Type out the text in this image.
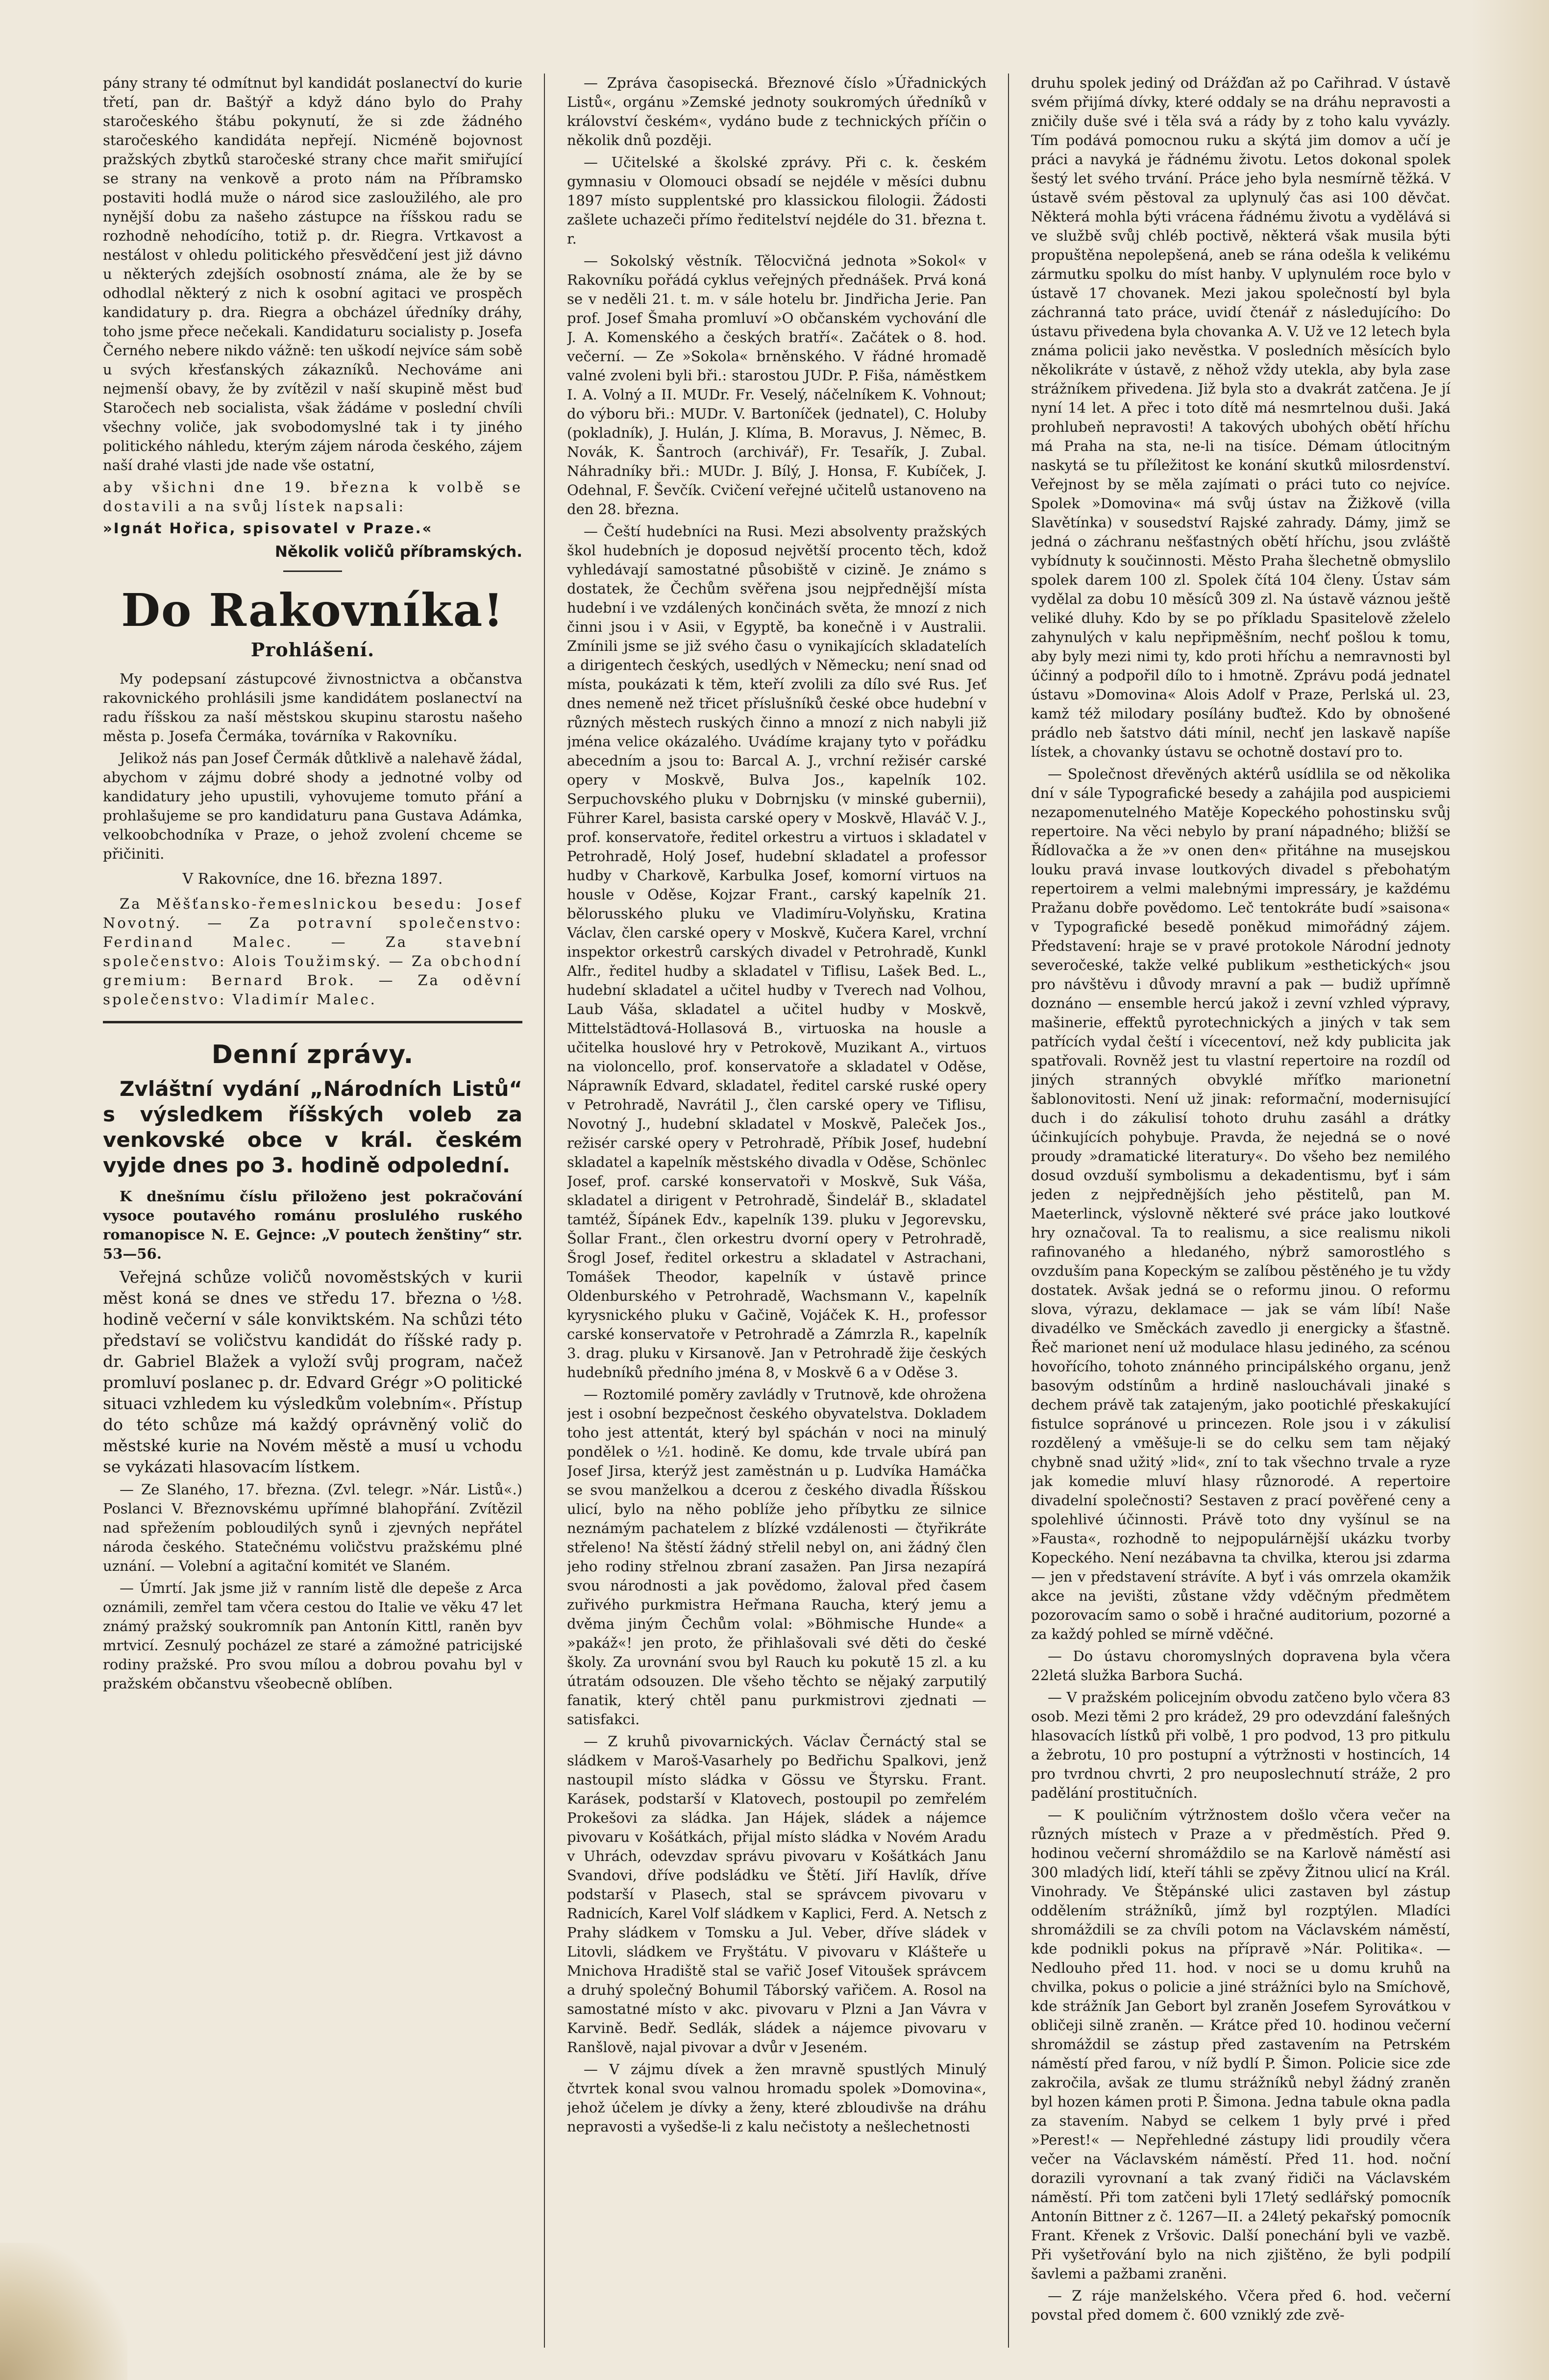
pány strany té odmítnut byl kandidát poslanectví do kurie třetí, pan dr. Baštýř a když dáno bylo do Prahy staročeského štábu pokynutí, že si zde žádného staročeského kandidáta nepřejí. Nicméně bojovnost pražských zbytků staročeské strany chce mařit smiřující se strany na venkově a proto nám na Příbramsko postaviti hodlá muže o národ sice zasloužilého, ale pro nynější dobu za našeho zástupce na říšskou radu se rozhodně nehodícího, totiž p. dr. Riegra. Vrtkavost a nestálost v ohledu politického přesvědčení jest již dávno u některých zdejších osobností známa, ale že by se odhodlal některý z nich k osobní agitaci ve prospěch kandidatury p. dra. Riegra a obcházel úředníky dráhy, toho jsme přece nečekali. Kandidaturu socialisty p. Josefa Černého nebere nikdo vážně: ten uškodí nejvíce sám sobě u svých křesťanských zákazníků. Nechováme ani nejmenší obavy, že by zvítězil v naší skupině měst buď Staročech neb socialista, však žádáme v poslední chvíli všechny voliče, jak svobodomyslné tak i ty jiného politického náhledu, kterým zájem národa českého, zájem naší drahé vlasti jde nade vše ostatní,

aby všichni dne 19. března k volbě se dostavili a na svůj lístek napsali:

»Ignát Hořica, spisovatel v Praze.«

Několik voličů příbramských.
Do Rakovníka!
Prohlášení.

My podepsaní zástupcové živnostnictva a občanstva rakovnického prohlásili jsme kandidátem poslanectví na radu říšskou za naší městskou skupinu starostu našeho města p. Josefa Čermáka, továrníka v Rakovníku.

Jelikož nás pan Josef Čermák důtklivě a nalehavě žádal, abychom v zájmu dobré shody a jednotné volby od kandidatury jeho upustili, vyhovujeme tomuto přání a prohlašujeme se pro kandidaturu pana Gustava Adámka, velkoobchodníka v Praze, o jehož zvolení chceme se přičiniti.

V Rakovníce, dne 16. března 1897.

Za Měšťansko-řemeslnickou besedu: Josef Novotný. — Za potravní společenstvo: Ferdinand Malec. — Za stavební společenstvo: Alois Toužimský. — Za obchodní gremium: Bernard Brok. — Za oděvní společenstvo: Vladimír Malec.

Denní zprávy.
Zvláštní vydání „Národních Listů“ s výsledkem říšských voleb za venkovské obce v král. českém vyjde dnes po 3. hodině odpolední.

K dnešnímu číslu přiloženo jest pokračování vysoce poutavého románu proslulého ruského romanopisce N. E. Gejnce: „V poutech ženštiny“ str. 53—56.

Veřejná schůze voličů novoměstských v kurii měst koná se dnes ve středu 17. března o ½8. hodině večerní v sále konviktském. Na schůzi této představí se voličstvu kandidát do říšské rady p. dr. Gabriel Blažek a vyloží svůj program, načež promluví poslanec p. dr. Edvard Grégr »O politické situaci vzhledem ku výsledkům volebním«. Přístup do této schůze má každý oprávněný volič do městské kurie na Novém městě a musí u vchodu se vykázati hlasovacím lístkem.

— Ze Slaného, 17. března. (Zvl. telegr. »Nár. Listů«.) Poslanci V. Březnovskému upřímné blahopřání. Zvítězil nad spřežením pobloudilých synů i zjevných nepřátel národa českého. Statečnému voličstvu pražskému plné uznání. — Volební a agitační komitét ve Slaném.

— Úmrtí. Jak jsme již v ranním listě dle depeše z Arca oznámili, zemřel tam včera cestou do Italie ve věku 47 let známý pražský soukromník pan Antonín Kittl, raněn byv mrtvicí. Zesnulý pocházel ze staré a zámožné patricijské rodiny pražské. Pro svou mílou a dobrou povahu byl v pražském občanstvu všeobecně oblíben.

— Zpráva časopisecká. Březnové číslo »Úřadnických Listů«, orgánu »Zemské jednoty soukromých úředníků v království českém«, vydáno bude z technických příčin o několik dnů později.

— Učitelské a školské zprávy. Při c. k. českém gymnasiu v Olomouci obsadí se nejdéle v měsíci dubnu 1897 místo supplentské pro klassickou filologii. Žádosti zašlete uchazeči přímo ředitelství nejdéle do 31. března t. r.

— Sokolský věstník. Tělocvičná jednota »Sokol« v Rakovníku pořádá cyklus veřejných přednášek. Prvá koná se v neděli 21. t. m. v sále hotelu br. Jindřicha Jerie. Pan prof. Josef Šmaha promluví »O občanském vychování dle J. A. Komenského a českých bratří«. Začátek o 8. hod. večerní. — Ze »Sokola« brněnského. V řádné hromadě valné zvoleni byli bři.: starostou JUDr. P. Fiša, náměstkem I. A. Volný a II. MUDr. Fr. Veselý, náčelníkem K. Vohnout; do výboru bři.: MUDr. V. Bartoníček (jednatel), C. Holuby (pokladník), J. Hulán, J. Klíma, B. Moravus, J. Němec, B. Novák, K. Šantroch (archivář), Fr. Tesařík, J. Zubal. Náhradníky bři.: MUDr. J. Bílý, J. Honsa, F. Kubíček, J. Odehnal, F. Ševčík. Cvičení veřejné učitelů ustanoveno na den 28. března.

— Čeští hudebníci na Rusi. Mezi absolventy pražských škol hudebních je doposud největší procento těch, kdož vyhledávají samostatné působiště v cizině. Je známo s dostatek, že Čechům svěřena jsou nejpřednější místa hudební i ve vzdálených končinách světa, že mnozí z nich činni jsou i v Asii, v Egyptě, ba konečně i v Australii. Zmínili jsme se již svého času o vynikajících skladatelích a dirigentech českých, usedlých v Německu; není snad od místa, poukázati k těm, kteří zvolili za dílo své Rus. Jeť dnes nemeně než třicet příslušníků české obce hudební v různých městech ruských činno a mnozí z nich nabyli již jména velice okázalého. Uvádíme krajany tyto v pořádku abecedním a jsou to: Barcal A. J., vrchní režisér carské opery v Moskvě, Bulva Jos., kapelník 102. Serpuchovského pluku v Dobrnjsku (v minské gubernii), Führer Karel, basista carské opery v Moskvě, Hlaváč V. J., prof. konservatoře, ředitel orkestru a virtuos i skladatel v Petrohradě, Holý Josef, hudební skladatel a professor hudby v Charkově, Karbulka Josef, komorní virtuos na housle v Oděse, Kojzar Frant., carský kapelník 21. bělorusského pluku ve Vladimíru-Volyňsku, Kratina Václav, člen carské opery v Moskvě, Kučera Karel, vrchní inspektor orkestrů carských divadel v Petrohradě, Kunkl Alfr., ředitel hudby a skladatel v Tiflisu, Lašek Bed. L., hudební skladatel a učitel hudby v Tverech nad Volhou, Laub Váša, skladatel a učitel hudby v Moskvě, Mittelstädtová-Hollasová B., virtuoska na housle a učitelka houslové hry v Petrokově, Muzikant A., virtuos na violoncello, prof. konservatoře a skladatel v Oděse, Náprawník Edvard, skladatel, ředitel carské ruské opery v Petrohradě, Navrátil J., člen carské opery ve Tiflisu, Novotný J., hudební skladatel v Moskvě, Paleček Jos., režisér carské opery v Petrohradě, Příbik Josef, hudební skladatel a kapelník městského divadla v Oděse, Schönlec Josef, prof. carské konservatoři v Moskvě, Suk Váša, skladatel a dirigent v Petrohradě, Šindelář B., skladatel tamtéž, Šípánek Edv., kapelník 139. pluku v Jegorevsku, Šollar Frant., člen orkestru dvorní opery v Petrohradě, Šrogl Josef, ředitel orkestru a skladatel v Astrachani, Tomášek Theodor, kapelník v ústavě prince Oldenburského v Petrohradě, Wachsmann V., kapelník kyrysnického pluku v Gačině, Vojáček K. H., professor carské konservatoře v Petrohradě a Zámrzla R., kapelník 3. drag. pluku v Kirsanově. Jan v Petrohradě žije českých hudebníků předního jména 8, v Moskvě 6 a v Oděse 3.

— Roztomilé poměry zavládly v Trutnově, kde ohrožena jest i osobní bezpečnost českého obyvatelstva. Dokladem toho jest attentát, který byl spáchán v noci na minulý pondělek o ½1. hodině. Ke domu, kde trvale ubírá pan Josef Jirsa, kterýž jest zaměstnán u p. Ludvíka Hamáčka se svou manželkou a dcerou z českého divadla Říšskou ulicí, bylo na něho poblíže jeho příbytku ze silnice neznámým pachatelem z blízké vzdálenosti — čtyřikráte střeleno! Na štěstí žádný střelil nebyl on, ani žádný člen jeho rodiny střelnou zbraní zasažen. Pan Jirsa nezapírá svou národnosti a jak povědomo, žaloval před časem zuřivého purkmistra Heřmana Raucha, který jemu a dvěma jiným Čechům volal: »Böhmische Hunde« a »pakáž«! jen proto, že přihlašovali své děti do české školy. Za urovnání svou byl Rauch ku pokutě 15 zl. a ku útratám odsouzen. Dle všeho těchto se nějaký zarputilý fanatik, který chtěl panu purkmistrovi zjednati — satisfakci.

— Z kruhů pivovarnických. Václav Černáctý stal se sládkem v Maroš-Vasarhely po Bedřichu Spalkovi, jenž nastoupil místo sládka v Gössu ve Štyrsku. Frant. Karásek, podstarší v Klatovech, postoupil po zemřelém Prokešovi za sládka. Jan Hájek, sládek a nájemce pivovaru v Košátkách, přijal místo sládka v Novém Aradu v Uhrách, odevzdav správu pivovaru v Košátkách Janu Svandovi, dříve podsládku ve Štětí. Jiří Havlík, dříve podstarší v Plasech, stal se správcem pivovaru v Radnicích, Karel Volf sládkem v Kaplici, Ferd. A. Netsch z Prahy sládkem v Tomsku a Jul. Veber, dříve sládek v Litovli, sládkem ve Fryštátu. V pivovaru v Klášteře u Mnichova Hradiště stal se vařič Josef Vitoušek správcem a druhý společný Bohumil Táborský vařičem. A. Rosol na samostatné místo v akc. pivovaru v Plzni a Jan Vávra v Karvině. Bedř. Sedlák, sládek a nájemce pivovaru v Ranšlově, najal pivovar a dvůr v Jeseném.

— V zájmu dívek a žen mravně spustlých Minulý čtvrtek konal svou valnou hromadu spolek »Domovina«, jehož účelem je dívky a ženy, které zbloudivše na dráhu nepravosti a vyšedše-li z kalu nečistoty a nešlechetnosti

druhu spolek jediný od Drážďan až po Cařihrad. V ústavě svém přijímá dívky, které oddaly se na dráhu nepravosti a zničily duše své i těla svá a rády by z toho kalu vyvázly. Tím podává pomocnou ruku a skýtá jim domov a učí je práci a navyká je řádnému životu. Letos dokonal spolek šestý let svého trvání. Práce jeho byla nesmírně těžká. V ústavě svém pěstoval za uplynulý čas asi 100 děvčat. Některá mohla býti vrácena řádnému životu a vydělává si ve službě svůj chléb poctivě, některá však musila býti propuštěna nepolepšená, aneb se rána odešla k velikému zármutku spolku do míst hanby. V uplynulém roce bylo v ústavě 17 chovanek. Mezi jakou společností byl byla záchranná tato práce, uvidí čtenář z následujícího: Do ústavu přivedena byla chovanka A. V. Už ve 12 letech byla známa policii jako nevěstka. V posledních měsících bylo několikráte v ústavě, z něhož vždy utekla, aby byla zase strážníkem přivedena. Již byla sto a dvakrát zatčena. Je jí nyní 14 let. A přec i toto dítě má nesmrtelnou duši. Jaká prohlubeň nepravosti! A takových ubohých obětí hříchu má Praha na sta, ne-li na tisíce. Démam útlocitným naskytá se tu příležitost ke konání skutků milosrdenství. Veřejnost by se měla zajímati o práci tuto co nejvíce. Spolek »Domovina« má svůj ústav na Žižkově (villa Slavětínka) v sousedství Rajské zahrady. Dámy, jimž se jedná o záchranu nešťastných obětí hříchu, jsou zvláště vybídnuty k součinnosti. Město Praha šlechetně obmyslilo spolek darem 100 zl. Spolek čítá 104 členy. Ústav sám vydělal za dobu 10 měsíců 309 zl. Na ústavě váznou ještě veliké dluhy. Kdo by se po příkladu Spasitelově zželelo zahynulých v kalu nepřipměšním, nechť pošlou k tomu, aby byly mezi nimi ty, kdo proti hříchu a nemravnosti byl účinný a podpořil dílo to i hmotně. Zprávu podá jednatel ústavu »Domovina« Alois Adolf v Praze, Perlská ul. 23, kamž též milodary posílány buďtež. Kdo by obnošené prádlo neb šatstvo dáti mínil, nechť jen laskavě napíše lístek, a chovanky ústavu se ochotně dostaví pro to.

— Společnost dřevěných aktérů usídlila se od několika dní v sále Typografické besedy a zahájila pod auspiciemi nezapomenutelného Matěje Kopeckého pohostinsku svůj repertoire. Na věci nebylo by praní nápadného; bližší se Řídlovačka a že »v onen den« přitáhne na musejskou louku pravá invase loutkových divadel s přebohatým repertoirem a velmi malebnými impressáry, je každému Pražanu dobře povědomo. Leč tentokráte budí »saisona« v Typografické besedě poněkud mimořádný zájem. Představení: hraje se v pravé protokole Národní jednoty severočeské, takže velké publikum »esthetických« jsou pro návštěvu i důvody mravní a pak — budiž upřímně doznáno — ensemble hercú jakož i zevní vzhled výpravy, mašinerie, effektů pyrotechnických a jiných v tak sem patřících vydal čeští i vícecentoví, než kdy publicita jak spatřovali. Rovněž jest tu vlastní repertoire na rozdíl od jiných stranných obvyklé mříťko marionetní šablonovitosti. Není už jinak: reformační, modernisující duch i do zákulisí tohoto druhu zasáhl a drátky účinkujících pohybuje. Pravda, že nejedná se o nové proudy »dramatické literatury«. Do všeho bez nemilého dosud ovzduší symbolismu a dekadentismu, byť i sám jeden z nejpřednějších jeho pěstitelů, pan M. Maeterlinck, výslovně některé své práce jako loutkové hry označoval. Ta to realismu, a sice realismu nikoli rafinovaného a hledaného, nýbrž samorostlého s ovzduším pana Kopeckým se zalíbou pěstěného je tu vždy dostatek. Avšak jedná se o reformu jinou. O reformu slova, výrazu, deklamace — jak se vám líbí! Naše divadélko ve Směckách zavedlo ji energicky a šťastně. Řeč marionet není už modulace hlasu jediného, za scénou hovořícího, tohoto znánného principálského organu, jenž basovým odstínům a hrdině naslouchávali jinaké s dechem právě tak zatajeným, jako pootichlé přeskakující fistulce sopránové u princezen. Role jsou i v zákulisí rozdělený a vměšuje-li se do celku sem tam nějaký chybně snad užitý »lid«, zní to tak všechno trvale a ryze jak komedie mluví hlasy různorodé. A repertoire divadelní společnosti? Sestaven z prací pověřené ceny a spolehlivé účinnosti. Právě toto dny vyšínul se na »Fausta«, rozhodně to nejpopulárnější ukázku tvorby Kopeckého. Není nezábavna ta chvilka, kterou jsi zdarma — jen v představení strávíte. A byť i vás omrzela okamžik akce na jevišti, zůstane vždy vděčným předmětem pozorovacím samo o sobě i hračné auditorium, pozorné a za každý pohled se mírně vděčné.

— Do ústavu choromyslných dopravena byla včera 22letá služka Barbora Suchá.

— V pražském policejním obvodu zatčeno bylo včera 83 osob. Mezi těmi 2 pro krádež, 29 pro odevzdání falešných hlasovacích lístků při volbě, 1 pro podvod, 13 pro pitkulu a žebrotu, 10 pro postupní a výtržnosti v hostincích, 14 pro tvrdnou chvrti, 2 pro neuposlechnutí stráže, 2 pro padělání prostitučních.

— K pouličním výtržnostem došlo včera večer na různých místech v Praze a v předměstích. Před 9. hodinou večerní shromáždilo se na Karlově náměstí asi 300 mladých lidí, kteří táhli se zpěvy Žitnou ulicí na Král. Vinohrady. Ve Štěpánské ulici zastaven byl zástup oddělením strážníků, jímž byl rozptýlen. Mladíci shromáždili se za chvíli potom na Václavském náměstí, kde podnikli pokus na přípravě »Nár. Politika«. — Nedlouho před 11. hod. v noci se u domu kruhů na chvilka, pokus o policie a jiné strážníci bylo na Smíchově, kde strážník Jan Gebort byl zraněn Josefem Syrovátkou v obličeji silně zraněn. — Krátce před 10. hodinou večerní shromáždil se zástup před zastavením na Petrském náměstí před farou, v níž bydlí P. Šimon. Policie sice zde zakročila, avšak ze tlumu strážníků nebyl žádný zraněn byl hozen kámen proti P. Šimona. Jedna tabule okna padla za stavením. Nabyd se celkem 1 byly prvé i před »Perest!« — Nepřehledné zástupy lidi proudily včera večer na Václavském náměstí. Před 11. hod. noční dorazili vyrovnaní a tak zvaný řidiči na Václavském náměstí. Při tom zatčeni byli 17letý sedlářský pomocník Antonín Bittner z č. 1267—II. a 24letý pekařský pomocník Frant. Křenek z Vršovic. Další ponechání byli ve vazbě. Při vyšetřování bylo na nich zjištěno, že byli podpilí šavlemi a pažbami zraněni.

— Z ráje manželského. Včera před 6. hod. večerní povstal před domem č. 600 vzniklý zde zvě-
